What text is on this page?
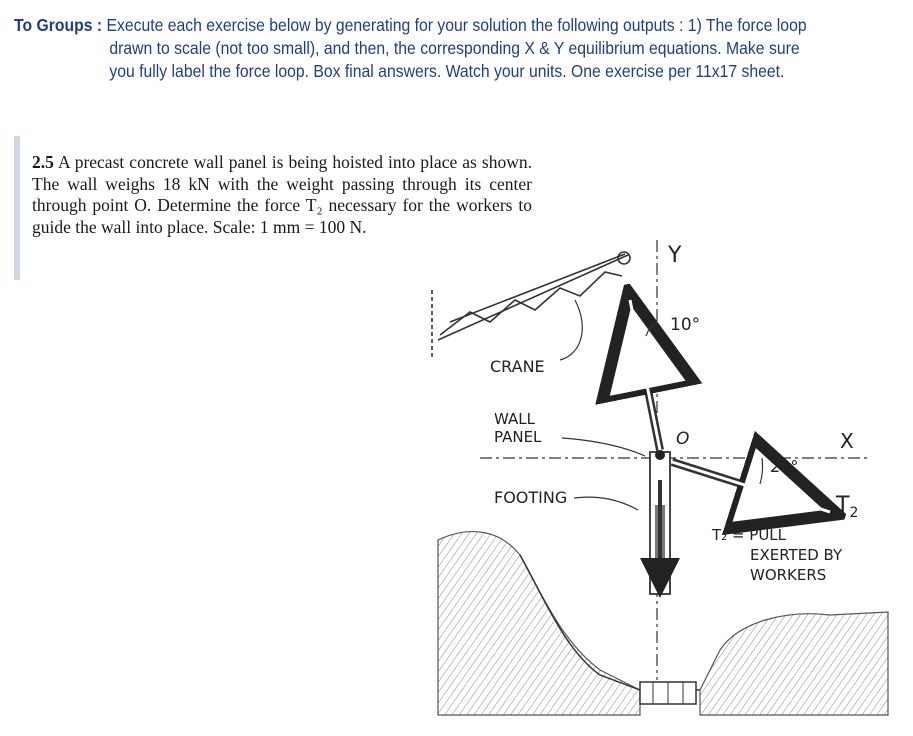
To Groups : Execute each exercise below by generating for your solution the following outputs : 1) The force loop
drawn to scale (not too small), and then, the corresponding X & Y equilibrium equations. Make sure
you fully label the force loop. Box final answers. Watch your units. One exercise per 11x17 sheet.
2.5 A precast concrete wall panel is being hoisted into place as shown. The wall weighs 18 kN with the weight passing through its center through point O. Determine the force T₂ necessary for the workers to guide the wall into place. Scale: 1 mm = 100 N.
Y
X
10°
20°
O
CRANE
WALL
PANEL
FOOTING	$T_2$
T₂ = PULL
EXERTED BY
WORKERS
